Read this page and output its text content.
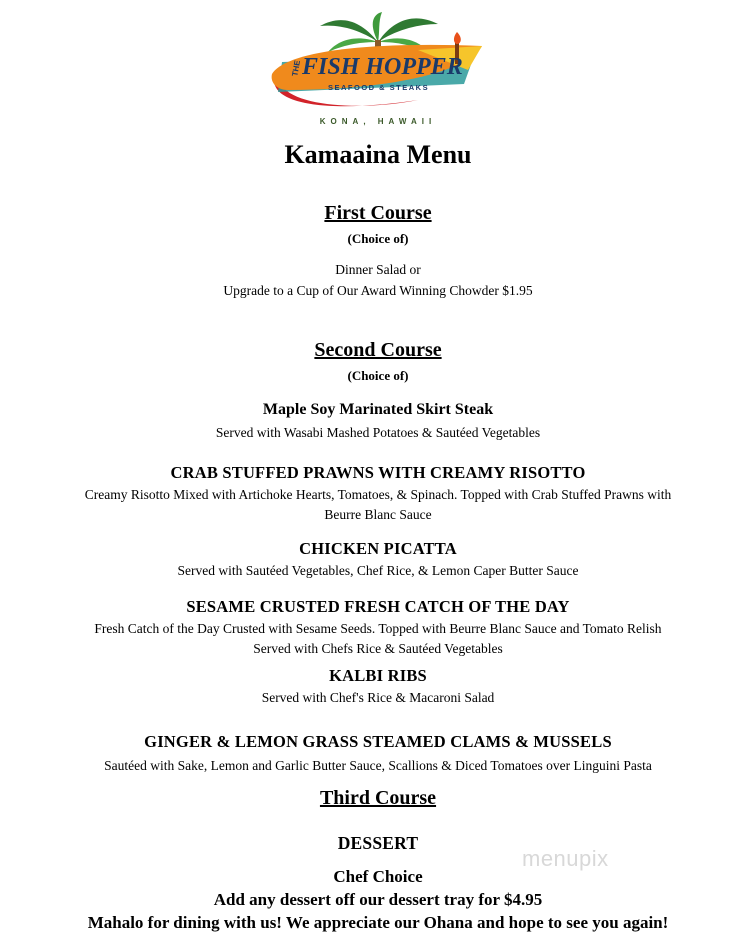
THE FISH HOPPER
SEAFOOD & STEAKS
KONA, HAWAII
Kamaaina Menu
First Course
(Choice of)
Dinner Salad or
Upgrade to a Cup of Our Award Winning Chowder $1.95
Second Course
(Choice of)
Maple Soy Marinated Skirt Steak
Served with Wasabi Mashed Potatoes & Sautéed Vegetables
CRAB STUFFED PRAWNS WITH CREAMY RISOTTO
Creamy Risotto Mixed with Artichoke Hearts, Tomatoes, & Spinach. Topped with Crab Stuffed Prawns with
Beurre Blanc Sauce
CHICKEN PICATTA
Served with Sautéed Vegetables, Chef Rice, & Lemon Caper Butter Sauce
SESAME CRUSTED FRESH CATCH OF THE DAY
Fresh Catch of the Day Crusted with Sesame Seeds. Topped with Beurre Blanc Sauce and Tomato Relish
Served with Chefs Rice & Sautéed Vegetables
KALBI RIBS
Served with Chef's Rice & Macaroni Salad
GINGER & LEMON GRASS STEAMED CLAMS & MUSSELS
Sautéed with Sake, Lemon and Garlic Butter Sauce, Scallions & Diced Tomatoes over Linguini Pasta
Third Course
DESSERT
Chef Choice
Add any dessert off our dessert tray for $4.95
Mahalo for dining with us! We appreciate our Ohana and hope to see you again!
menupix
